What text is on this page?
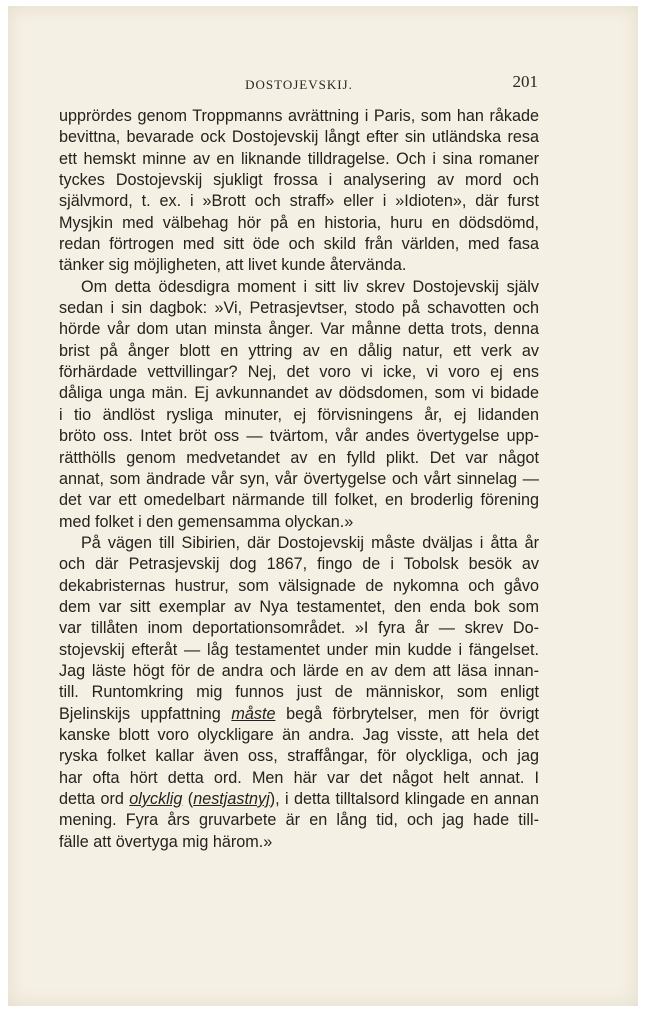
DOSTOJEVSKIJ.	201
upprördes genom Troppmanns avrättning i Paris, som han råkade
bevittna, bevarade ock Dostojevskij långt efter sin utländska resa
ett hemskt minne av en liknande tilldragelse. Och i sina romaner
tyckes Dostojevskij sjukligt frossa i analysering av mord och
självmord, t. ex. i »Brott och straff» eller i »Idioten», där furst
Mysjkin med välbehag hör på en historia, huru en dödsdömd,
redan förtrogen med sitt öde och skild från världen, med fasa
tänker sig möjligheten, att livet kunde återvända.
Om detta ödesdigra moment i sitt liv skrev Dostojevskij själv
sedan i sin dagbok: »Vi, Petrasjevtser, stodo på schavotten och
hörde vår dom utan minsta ånger. Var månne detta trots, denna
brist på ånger blott en yttring av en dålig natur, ett verk av
förhärdade vettvillingar? Nej, det voro vi icke, vi voro ej ens
dåliga unga män. Ej avkunnandet av dödsdomen, som vi bidade
i tio ändlöst rysliga minuter, ej förvisningens år, ej lidanden
bröto oss. Intet bröt oss — tvärtom, vår andes övertygelse upp-
rätthölls genom medvetandet av en fylld plikt. Det var något
annat, som ändrade vår syn, vår övertygelse och vårt sinnelag —
det var ett omedelbart närmande till folket, en broderlig förening
med folket i den gemensamma olyckan.»
På vägen till Sibirien, där Dostojevskij måste dväljas i åtta år
och där Petrasjevskij dog 1867, fingo de i Tobolsk besök av
dekabristernas hustrur, som välsignade de nykomna och gåvo
dem var sitt exemplar av Nya testamentet, den enda bok som
var tillåten inom deportationsområdet. »I fyra år — skrev Do-
stojevskij efteråt — låg testamentet under min kudde i fängelset.
Jag läste högt för de andra och lärde en av dem att läsa innan-
till. Runtomkring mig funnos just de människor, som enligt
Bjelinskijs uppfattning måste begå förbrytelser, men för övrigt
kanske blott voro olyckligare än andra. Jag visste, att hela det
ryska folket kallar även oss, straffångar, för olyckliga, och jag
har ofta hört detta ord. Men här var det något helt annat. I
detta ord olycklig (nestjastnyj), i detta tilltalsord klingade en annan
mening. Fyra års gruvarbete är en lång tid, och jag hade till-
fälle att övertyga mig härom.»
